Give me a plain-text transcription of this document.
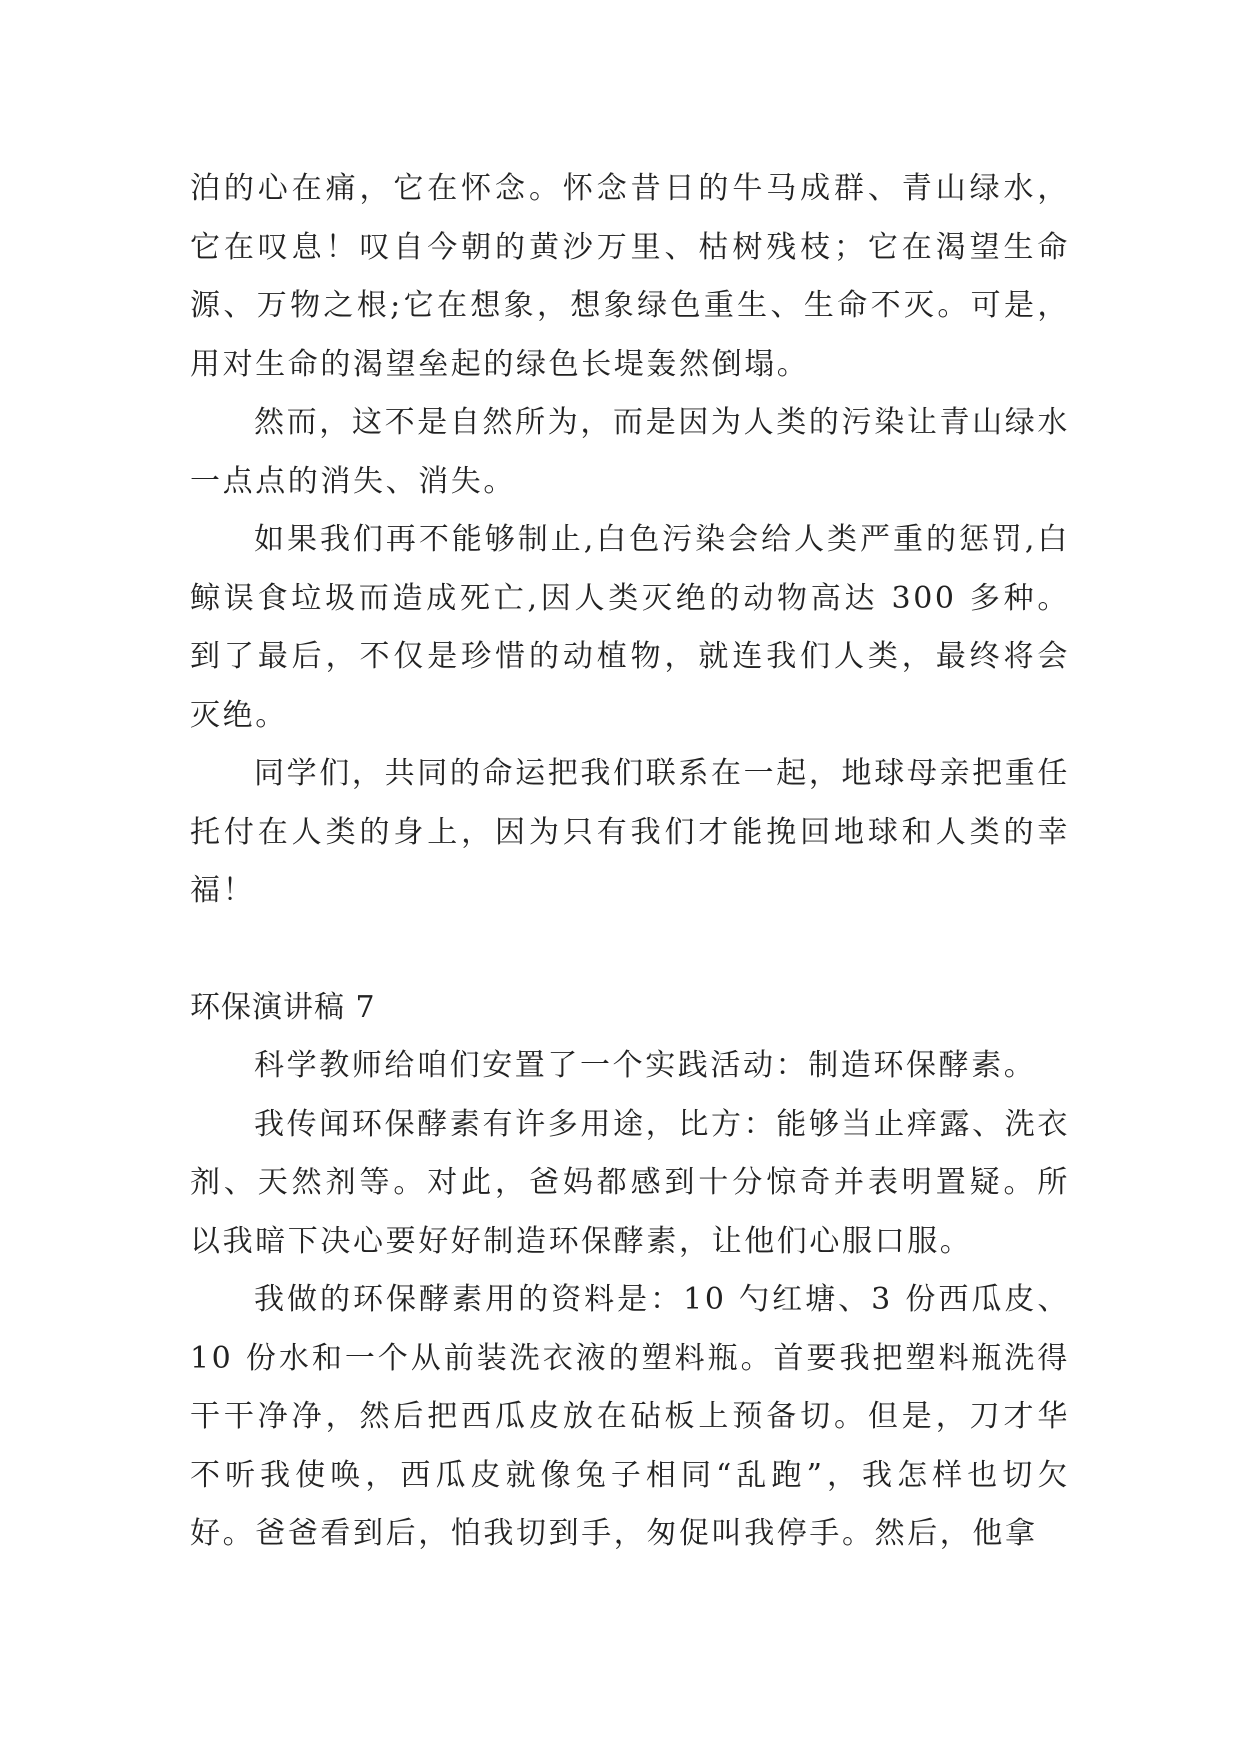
泊的心在痛，它在怀念。怀念昔日的牛马成群、青山绿水，它在叹息！叹自今朝的黄沙万里、枯树残枝；它在渴望生命源、万物之根;它在想象，想象绿色重生、生命不灭。可是，用对生命的渴望垒起的绿色长堤轰然倒塌。

然而，这不是自然所为，而是因为人类的污染让青山绿水一点点的消失、消失。

如果我们再不能够制止,白色污染会给人类严重的惩罚,白鲸误食垃圾而造成死亡,因人类灭绝的动物高达 300 多种。到了最后，不仅是珍惜的动植物，就连我们人类，最终将会灭绝。

同学们，共同的命运把我们联系在一起，地球母亲把重任托付在人类的身上，因为只有我们才能挽回地球和人类的幸福！

环保演讲稿 7

科学教师给咱们安置了一个实践活动：制造环保酵素。

我传闻环保酵素有许多用途，比方：能够当止痒露、洗衣剂、天然剂等。对此，爸妈都感到十分惊奇并表明置疑。所以我暗下决心要好好制造环保酵素，让他们心服口服。

我做的环保酵素用的资料是：10 勺红塘、3 份西瓜皮、10 份水和一个从前装洗衣液的塑料瓶。首要我把塑料瓶洗得干干净净，然后把西瓜皮放在砧板上预备切。但是，刀才华不听我使唤，西瓜皮就像兔子相同“乱跑”，我怎样也切欠好。爸爸看到后，怕我切到手，匆促叫我停手。然后，他拿
